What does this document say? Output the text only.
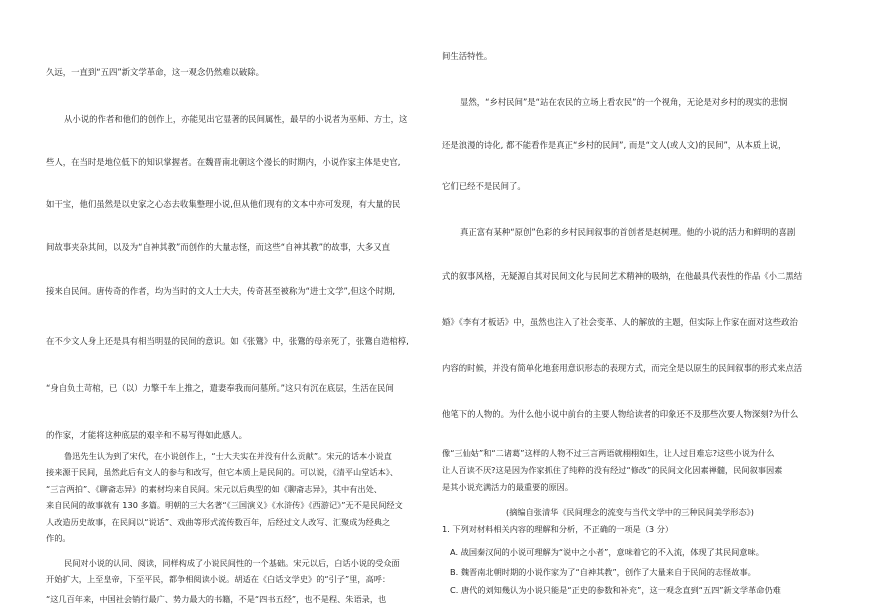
久远，一直到“五四”新文学革命，这一观念仍然难以破除。
从小说的作者和他们的创作上，亦能见出它显著的民间属性，最早的小说者为巫师、方士，这
些人，在当时是地位低下的知识掌握者。在魏晋南北朝这个漫长的时期内，小说作家主体是史官,
如干宝，他们虽然是以史家之心态去收集整理小说,但从他们现有的文本中亦可发现，有大量的民
间故事夹杂其间，以及为“自神其教”而创作的大量志怪，而这些“自神其教”的故事，大多又直
接来自民间。唐传奇的作者，均为当时的文人士大夫，传奇甚至被称为“进士文学”,但这个时期,
在不少文人身上还是具有相当明显的民间的意识。如《张鷟》中，张鷟的母亲死了，张鷟自造棺椁,
“身自负土苛棺，已（以）力擎千车上推之，遣妻奉我而问墓所。”这只有沉在底层，生活在民间
的作家，才能将这种底层的艰辛和不易写得如此感人。
鲁迅先生认为到了宋代，在小说创作上，“士大夫实在并没有什么贡献”。宋元的话本小说直
接来源于民间，虽然此后有文人的参与和改写，但它本质上是民间的。可以说，《清平山堂话本》、
“三言两拍”、《聊斋志异》的素材均来自民间。宋元以后典型的如《聊斋志异》，其中有出处、
来自民间的故事就有 130 多篇。明朝的三大名著“《三国演义》《水浒传》《西游记》”无不是民间经文
人改造历史故事，在民间以“说话”、戏曲等形式流传数百年，后经过文人改写、汇聚成为经典之
作的。
民间对小说的认同、阅读，同样构成了小说民间性的一个基础。宋元以后，白话小说的受众面
开始扩大，上至皇帝，下至平民，都争相阅读小说。胡适在《白话文学史》的“引子”里，高呼：
“这几百年来，中国社会销行最广、势力最大的书籍，不是“四书五经”，也不是程、朱语录，也
间生活特性。
显然，“乡村民间”是“站在农民的立场上看农民”的一个视角，无论是对乡村的现实的悲悯
还是浪漫的诗化, 都不能看作是真正“乡村的民间”, 而是“文人(或人文)的民间”，从本质上说，
它们已经不是民间了。
真正富有某种“原创”色彩的乡村民间叙事的首创者是赵树理。他的小说的活力和鲜明的喜剧
式的叙事风格，无疑源自其对民间文化与民间艺术精神的吸纳，在他最具代表性的作品《小二黑结
婚》《李有才板话》中，虽然也注入了社会变革、人的解放的主题，但实际上作家在面对这些政治
内容的时候，并没有简单化地套用意识形态的表现方式，而完全是以原生的民间叙事的形式来点活
他笔下的人物的。为什么他小说中前台的主要人物给读者的印象还不及那些次要人物深刻?为什么
像“三仙姑”和“二诸葛”这样的人物不过三言两语就栩栩如生，让人过目难忘?这些小说为什么
让人百读不厌?这是因为作家抓住了纯粹的没有经过“修改”的民间文化因素禅髓，民间叙事因素
是其小说充满活力的最重要的原因。
(摘编自张清华《民间理念的流变与当代文学中的三种民间美学形态》)
1. 下列对材料相关内容的理解和分析，不正确的一项是（3 分）
A. 战国秦汉间的小说可理解为“说中之小者”，意味着它的不入流，体现了其民间意味。
B. 魏晋南北朝时期的小说作家为了“自神其教”，创作了大量来自于民间的志怪故事。
C. 唐代的刘知幾认为小说只能是“正史的参数和补充”，这一观念直到“五四”新文学革命仍难
